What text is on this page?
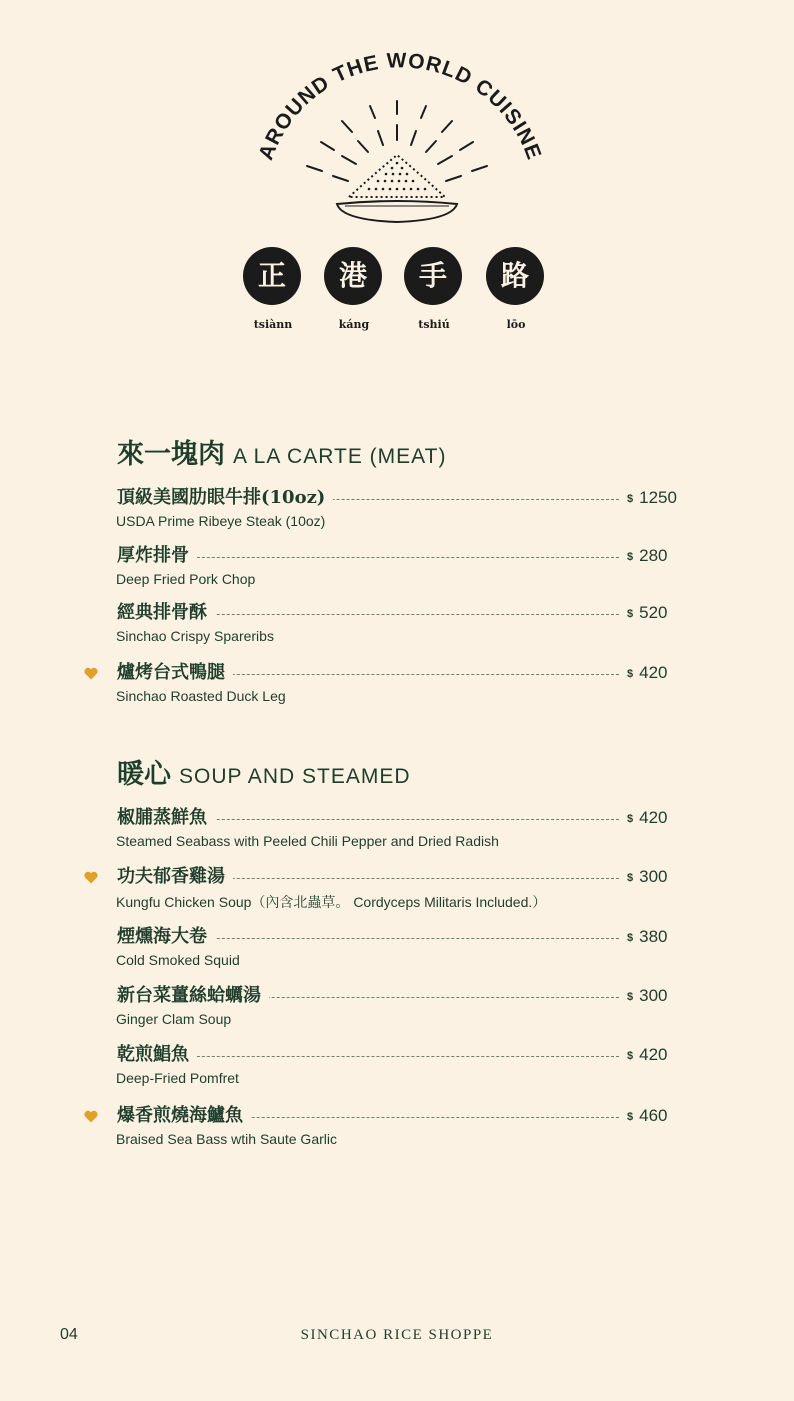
AROUND THE WORLD CUISINE
正
tsiànn
港
káng
手
tshiú
路
lōo
來一塊肉 A LA CARTE (MEAT)
頂級美國肋眼牛排(10oz)	$ 1250
USDA Prime Ribeye Steak (10oz)
厚炸排骨	$ 280
Deep Fried Pork Chop
經典排骨酥	$ 520
Sinchao Crispy Spareribs
爐烤台式鴨腿	$ 420
Sinchao Roasted Duck Leg
暖心 SOUP AND STEAMED
椒脯蒸鮮魚	$ 420
Steamed Seabass with Peeled Chili Pepper and Dried Radish
功夫郁香雞湯	$ 300
Kungfu Chicken Soup（內含北蟲草。 Cordyceps Militaris Included.）
煙燻海大卷	$ 380
Cold Smoked Squid
新台菜薑絲蛤蠣湯	$ 300
Ginger Clam Soup
乾煎鯧魚	$ 420
Deep-Fried Pomfret
爆香煎燒海鱸魚	$ 460
Braised Sea Bass wtih Saute Garlic
04	SINCHAO RICE SHOPPE
